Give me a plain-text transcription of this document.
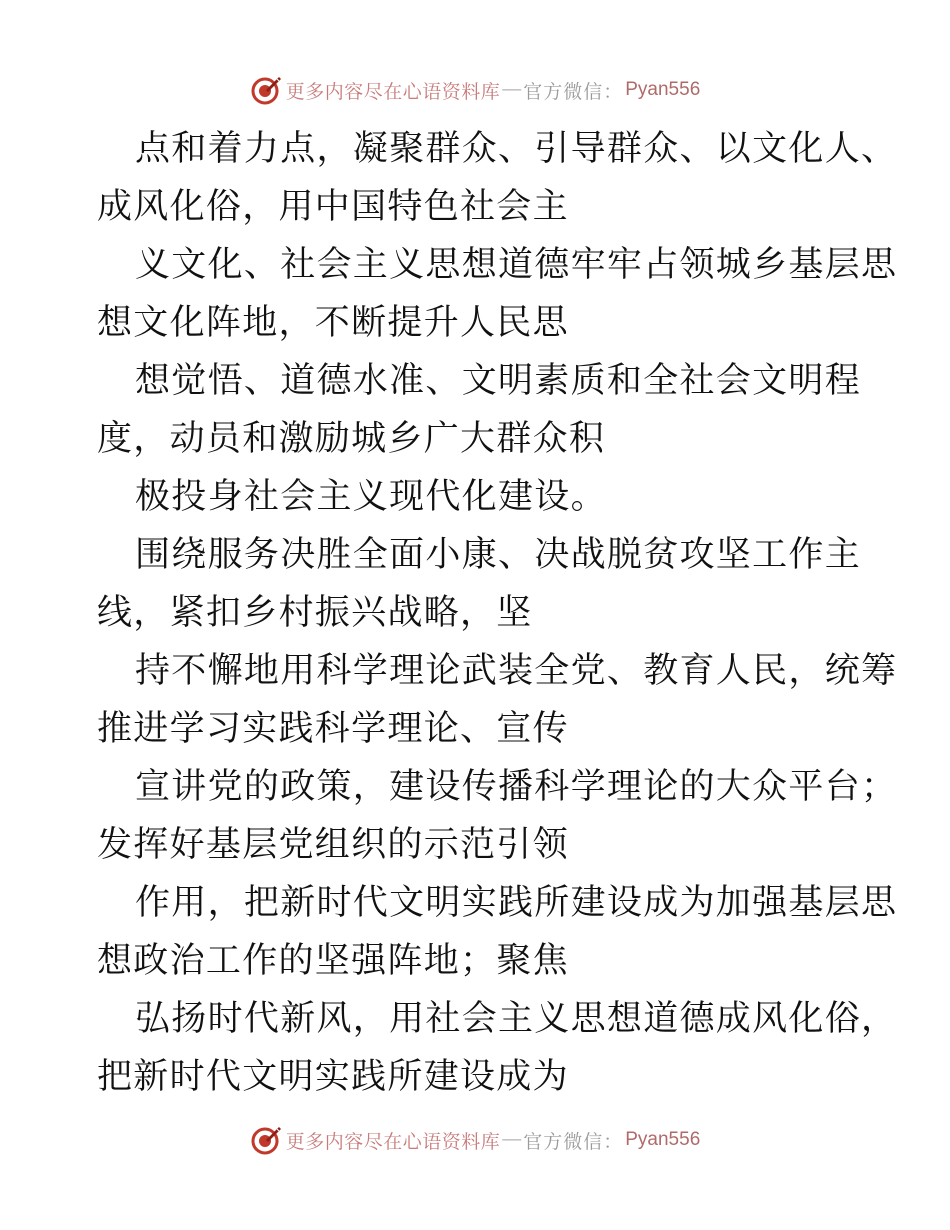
更多内容尽在心语资料库 — 官方微信： Pyan556
点和着力点，凝聚群众、引导群众、以文化人、
成风化俗，用中国特色社会主
义文化、社会主义思想道德牢牢占领城乡基层思
想文化阵地，不断提升人民思
想觉悟、道德水准、文明素质和全社会文明程
度，动员和激励城乡广大群众积
极投身社会主义现代化建设。
围绕服务决胜全面小康、决战脱贫攻坚工作主
线，紧扣乡村振兴战略，坚
持不懈地用科学理论武装全党、教育人民，统筹
推进学习实践科学理论、宣传
宣讲党的政策，建设传播科学理论的大众平台；
发挥好基层党组织的示范引领
作用，把新时代文明实践所建设成为加强基层思
想政治工作的坚强阵地；聚焦
弘扬时代新风，用社会主义思想道德成风化俗，
把新时代文明实践所建设成为
更多内容尽在心语资料库 — 官方微信： Pyan556
